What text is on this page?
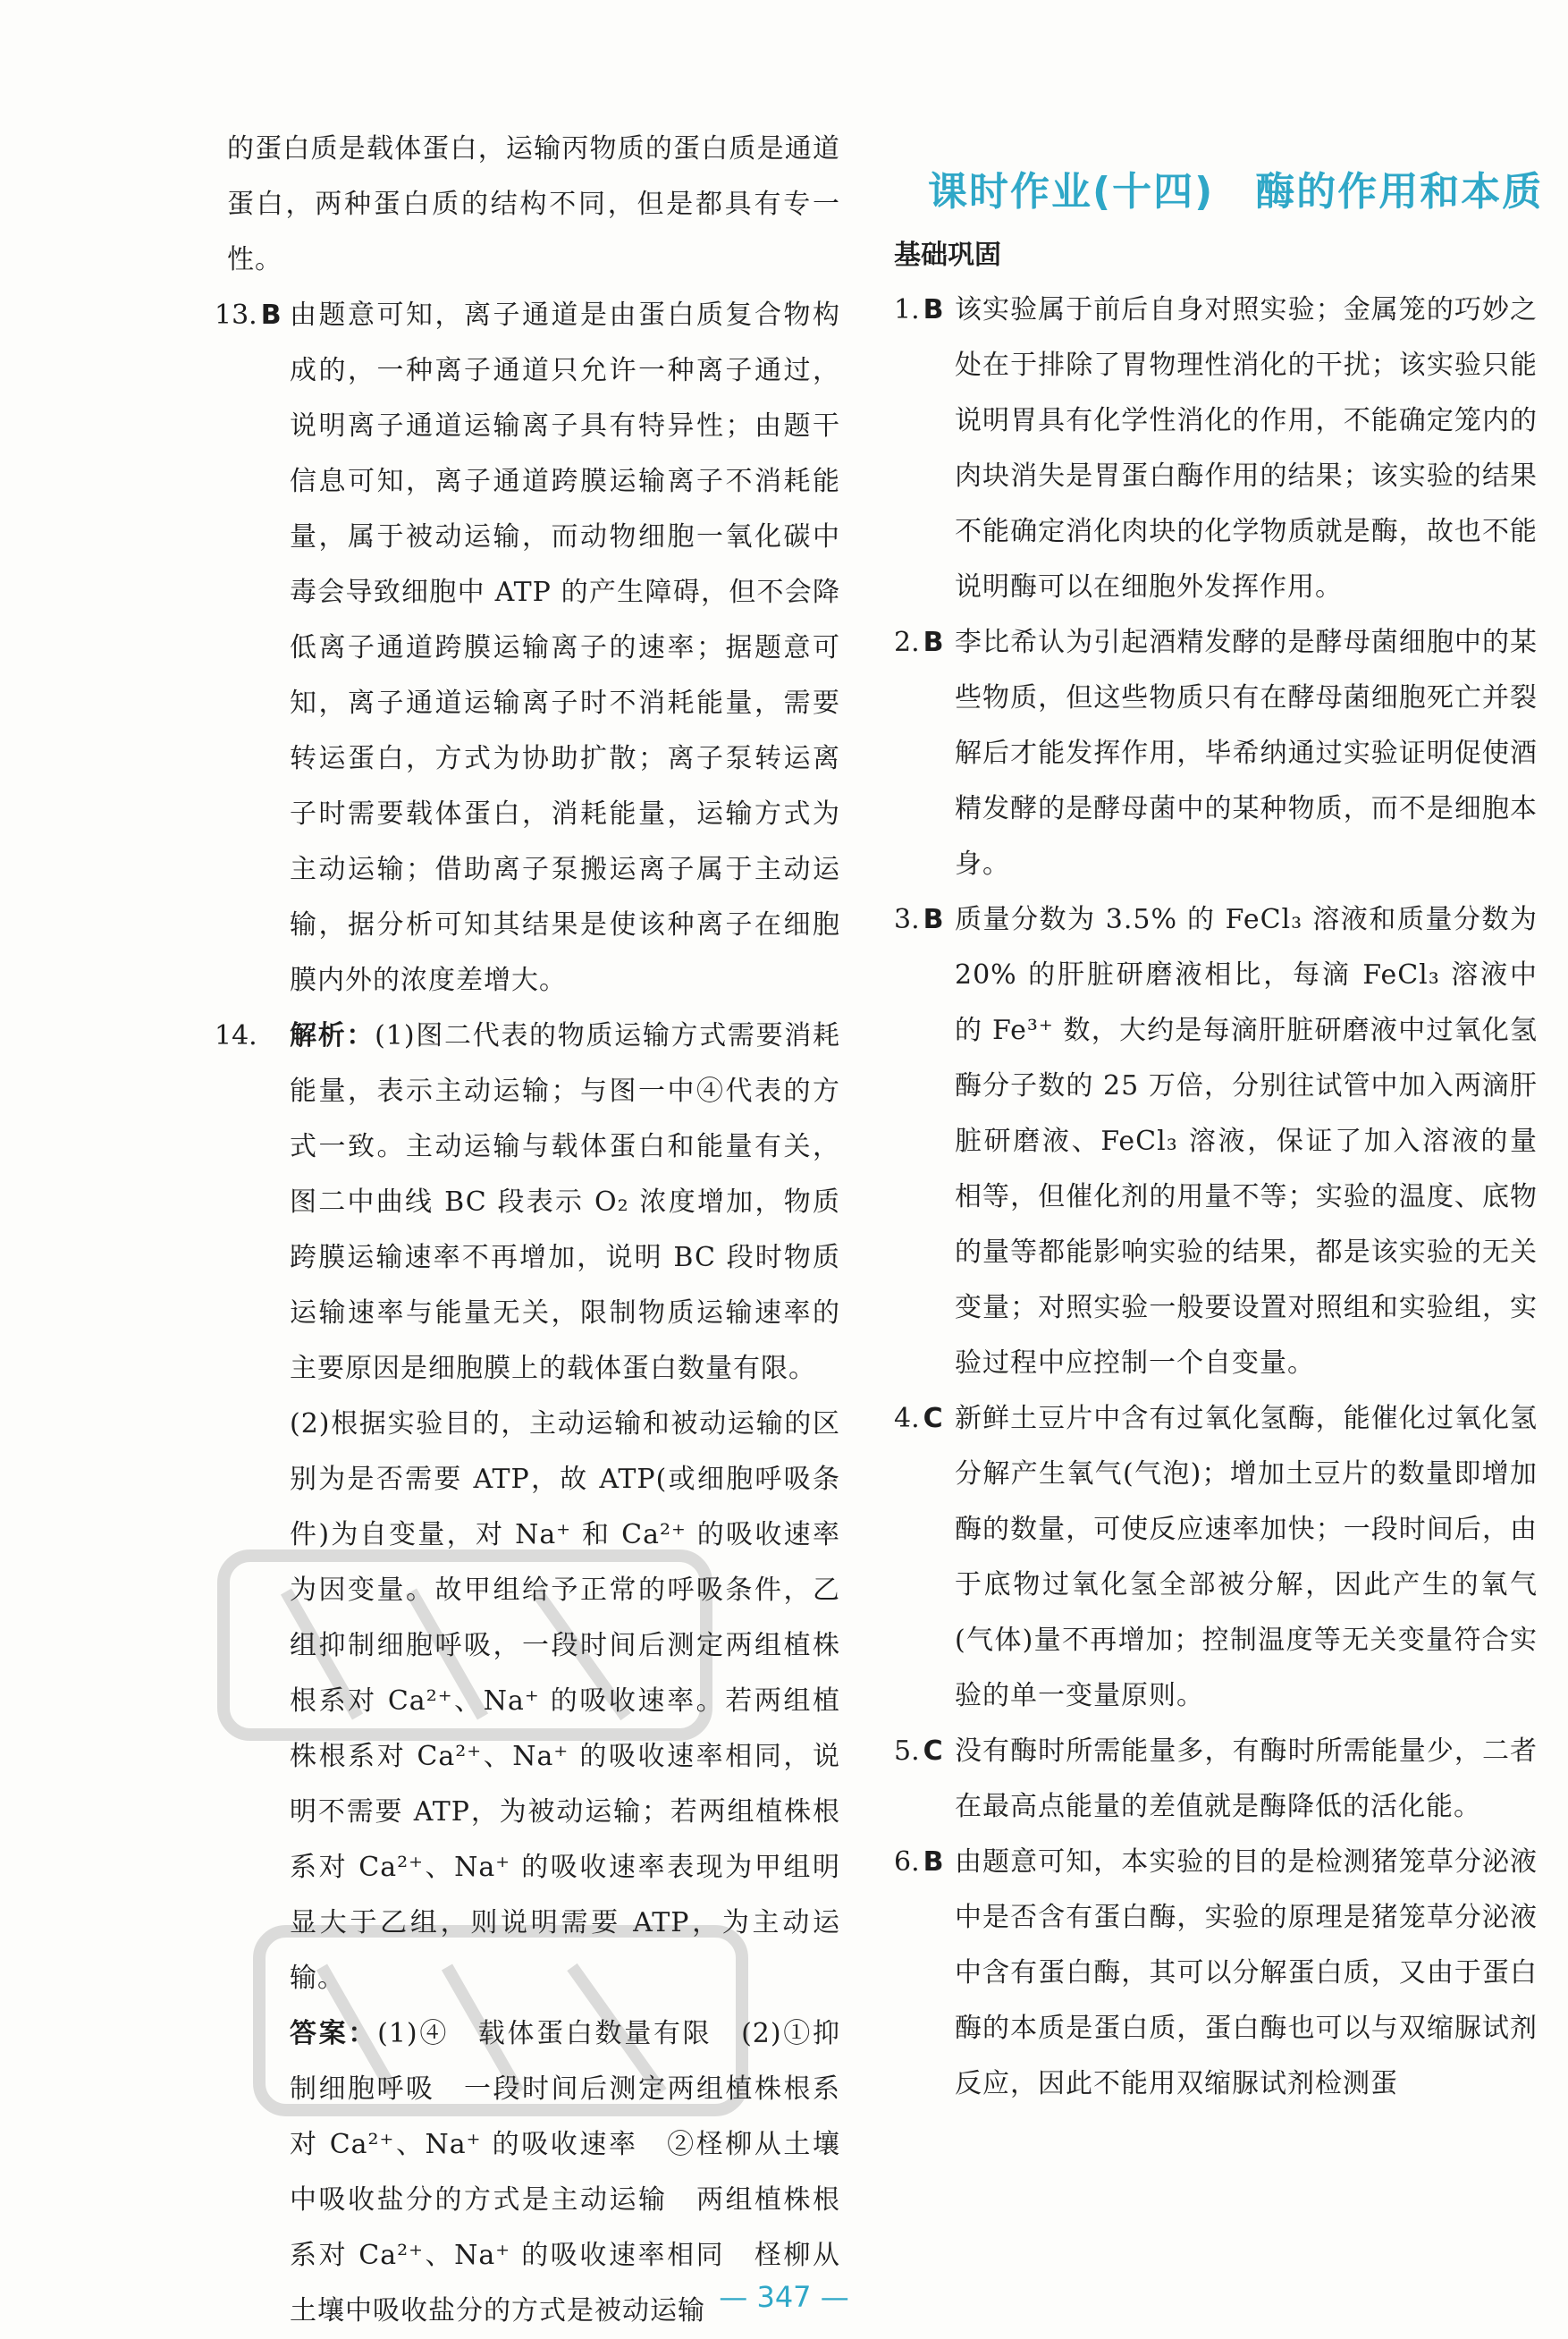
课时作业(十四)　酶的作用和本质

的蛋白质是载体蛋白，运输丙物质的蛋白质是通道蛋白，两种蛋白质的结构不同，但是都具有专一性。

13. B 由题意可知，离子通道是由蛋白质复合物构成的，一种离子通道只允许一种离子通过，说明离子通道运输离子具有特异性；由题干信息可知，离子通道跨膜运输离子不消耗能量，属于被动运输，而动物细胞一氧化碳中毒会导致细胞中 ATP 的产生障碍，但不会降低离子通道跨膜运输离子的速率；据题意可知，离子通道运输离子时不消耗能量，需要转运蛋白，方式为协助扩散；离子泵转运离子时需要载体蛋白，消耗能量，运输方式为主动运输；借助离子泵搬运离子属于主动运输，据分析可知其结果是使该种离子在细胞膜内外的浓度差增大。

14.	解析：(1)图二代表的物质运输方式需要消耗能量，表示主动运输；与图一中④代表的方式一致。主动运输与载体蛋白和能量有关，图二中曲线 BC 段表示 O₂ 浓度增加，物质跨膜运输速率不再增加，说明 BC 段时物质运输速率与能量无关，限制物质运输速率的主要原因是细胞膜上的载体蛋白数量有限。

(2)根据实验目的，主动运输和被动运输的区别为是否需要 ATP，故 ATP(或细胞呼吸条件)为自变量，对 Na⁺ 和 Ca²⁺ 的吸收速率为因变量。故甲组给予正常的呼吸条件，乙组抑制细胞呼吸，一段时间后测定两组植株根系对 Ca²⁺、Na⁺ 的吸收速率。若两组植株根系对 Ca²⁺、Na⁺ 的吸收速率相同，说明不需要 ATP，为被动运输；若两组植株根系对 Ca²⁺、Na⁺ 的吸收速率表现为甲组明显大于乙组，则说明需要 ATP，为主动运输。

答案：(1)④　载体蛋白数量有限　(2)①抑制细胞呼吸　一段时间后测定两组植株根系对 Ca²⁺、Na⁺ 的吸收速率　②柽柳从土壤中吸收盐分的方式是主动运输　两组植株根系对 Ca²⁺、Na⁺ 的吸收速率相同　柽柳从土壤中吸收盐分的方式是被动运输

基础巩固
1. B 该实验属于前后自身对照实验；金属笼的巧妙之处在于排除了胃物理性消化的干扰；该实验只能说明胃具有化学性消化的作用，不能确定笼内的肉块消失是胃蛋白酶作用的结果；该实验的结果不能确定消化肉块的化学物质就是酶，故也不能说明酶可以在细胞外发挥作用。

2. B 李比希认为引起酒精发酵的是酵母菌细胞中的某些物质，但这些物质只有在酵母菌细胞死亡并裂解后才能发挥作用，毕希纳通过实验证明促使酒精发酵的是酵母菌中的某种物质，而不是细胞本身。

3. B 质量分数为 3.5% 的 FeCl₃ 溶液和质量分数为 20% 的肝脏研磨液相比，每滴 FeCl₃ 溶液中的 Fe³⁺ 数，大约是每滴肝脏研磨液中过氧化氢酶分子数的 25 万倍，分别往试管中加入两滴肝脏研磨液、FeCl₃ 溶液，保证了加入溶液的量相等，但催化剂的用量不等；实验的温度、底物的量等都能影响实验的结果，都是该实验的无关变量；对照实验一般要设置对照组和实验组，实验过程中应控制一个自变量。

4. C 新鲜土豆片中含有过氧化氢酶，能催化过氧化氢分解产生氧气(气泡)；增加土豆片的数量即增加酶的数量，可使反应速率加快；一段时间后，由于底物过氧化氢全部被分解，因此产生的氧气(气体)量不再增加；控制温度等无关变量符合实验的单一变量原则。

5. C 没有酶时所需能量多，有酶时所需能量少，二者在最高点能量的差值就是酶降低的活化能。

6. B 由题意可知，本实验的目的是检测猪笼草分泌液中是否含有蛋白酶，实验的原理是猪笼草分泌液中含有蛋白酶，其可以分解蛋白质，又由于蛋白酶的本质是蛋白质，蛋白酶也可以与双缩脲试剂反应，因此不能用双缩脲试剂检测蛋

— 347 —
